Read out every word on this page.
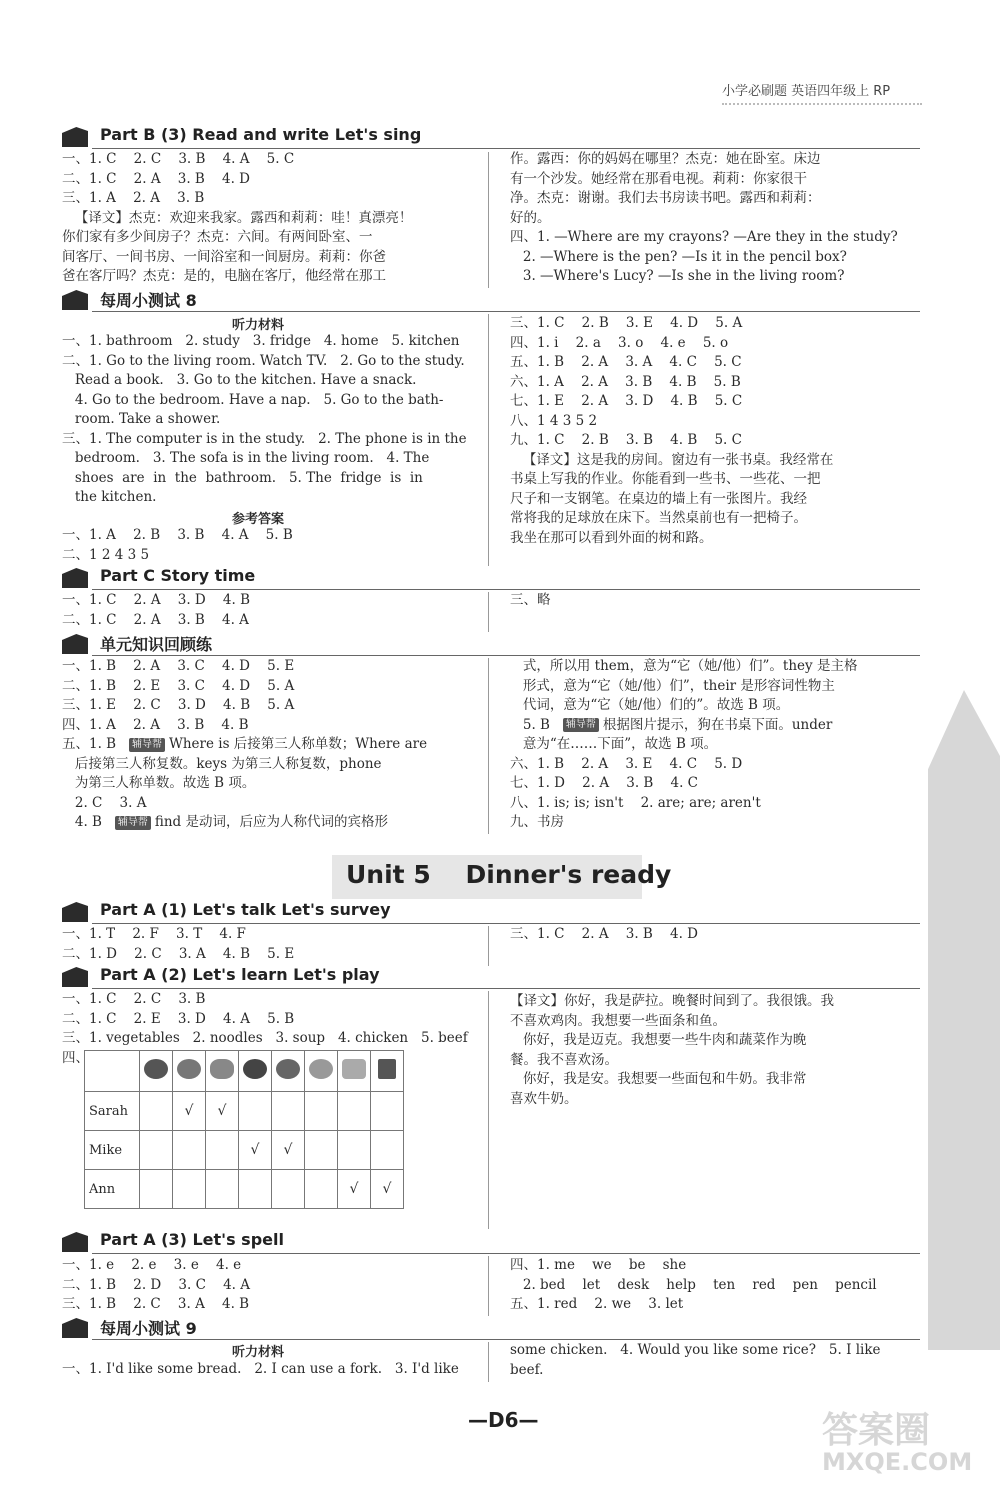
小学必刷题 英语四年级上 RP
Part B (3) Read and write Let's sing
一、1. C    2. C    3. B    4. A    5. C
二、1. C    2. A    3. B    4. D
三、1. A    2. A    3. B
【译文】杰克：欢迎来我家。露西和莉莉：哇！真漂亮！
你们家有多少间房子？杰克：六间。有两间卧室、一
间客厅、一间书房、一间浴室和一间厨房。莉莉：你爸
爸在客厅吗？杰克：是的，电脑在客厅，他经常在那工
作。露西：你的妈妈在哪里？杰克：她在卧室。床边
有一个沙发。她经常在那看电视。莉莉：你家很干
净。杰克：谢谢。我们去书房读书吧。露西和莉莉：
好的。
四、1. —Where are my crayons? —Are they in the study?
2. —Where is the pen? —Is it in the pencil box?
3. —Where's Lucy? —Is she in the living room?
每周小测试 8
听力材料
一、1. bathroom   2. study   3. fridge   4. home   5. kitchen
二、1. Go to the living room. Watch TV.   2. Go to the study.
Read a book.   3. Go to the kitchen. Have a snack.
4. Go to the bedroom. Have a nap.   5. Go to the bath-
room. Take a shower.
三、1. The computer is in the study.   2. The phone is in the
bedroom.   3. The sofa is in the living room.   4. The
shoes  are  in  the  bathroom.   5. The  fridge  is  in
the kitchen.
参考答案
一、1. A    2. B    3. B    4. A    5. B
二、1 2 4 3 5
三、1. C    2. B    3. E    4. D    5. A
四、1. i    2. a    3. o    4. e    5. o
五、1. B    2. A    3. A    4. C    5. C
六、1. A    2. A    3. B    4. B    5. B
七、1. E    2. A    3. D    4. B    5. C
八、1 4 3 5 2
九、1. C    2. B    3. B    4. B    5. C
【译文】这是我的房间。窗边有一张书桌。我经常在
书桌上写我的作业。你能看到一些书、一些花、一把
尺子和一支钢笔。在桌边的墙上有一张图片。我经
常将我的足球放在床下。当然桌前也有一把椅子。
我坐在那可以看到外面的树和路。
Part C Story time
一、1. C    2. A    3. D    4. B
二、1. C    2. A    3. B    4. A
三、略
单元知识回顾练
一、1. B    2. A    3. C    4. D    5. E
二、1. B    2. E    3. C    4. D    5. A
三、1. E    2. C    3. D    4. B    5. A
四、1. A    2. A    3. B    4. B
五、1. B   辅导帮 Where is 后接第三人称单数；Where are
后接第三人称复数。keys 为第三人称复数，phone
为第三人称单数。故选 B 项。
2. C    3. A
4. B   辅导帮 find 是动词，后应为人称代词的宾格形
式，所以用 them，意为“它（她/他）们”。they 是主格
形式，意为“它（她/他）们”，their 是形容词性物主
代词，意为“它（她/他）们的”。故选 B 项。
5. B   辅导帮 根据图片提示，狗在书桌下面。under
意为“在……下面”，故选 B 项。
六、1. B    2. A    3. E    4. C    5. D
七、1. D    2. A    3. B    4. C
八、1. is; is; isn't    2. are; are; aren't
九、书房
Unit 5    Dinner's ready
Part A (1) Let's talk Let's survey
一、1. T    2. F    3. T    4. F
二、1. D    2. C    3. A    4. B    5. E
三、1. C    2. A    3. B    4. D
Part A (2) Let's learn Let's play
一、1. C    2. C    3. B
二、1. C    2. E    3. D    4. A    5. B
三、1. vegetables   2. noodles   3. soup   4. chicken   5. beef
四、
【译文】你好，我是萨拉。晚餐时间到了。我很饿。我
不喜欢鸡肉。我想要一些面条和鱼。
你好，我是迈克。我想要一些牛肉和蔬菜作为晚
餐。我不喜欢汤。
你好，我是安。我想要一些面包和牛奶。我非常
喜欢牛奶。

Sarah		√	√					
Mike				√	√			
Ann							√	√
Part A (3) Let's spell
一、1. e    2. e    3. e    4. e
二、1. B    2. D    3. C    4. A
三、1. B    2. C    3. A    4. B
四、1. me    we    be    she
2. bed    let    desk    help    ten    red    pen    pencil
五、1. red    2. we    3. let
每周小测试 9
听力材料
一、1. I'd like some bread.   2. I can use a fork.   3. I'd like
some chicken.   4. Would you like some rice?   5. I like
beef.
—D6—	答案圈
MXQE.COM
